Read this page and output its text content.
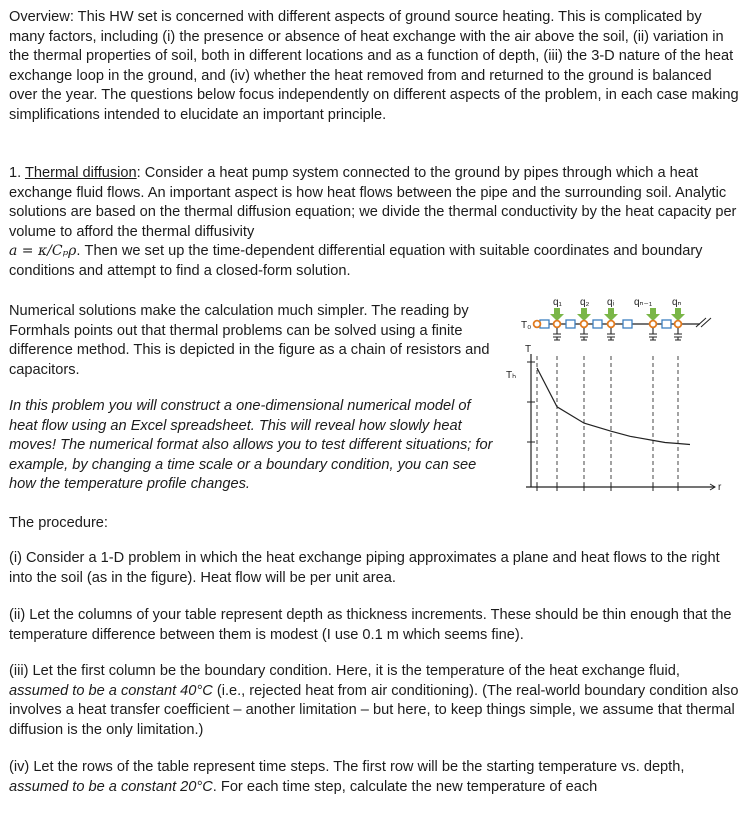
Overview: This HW set is concerned with different aspects of ground source heating. This is complicated by many factors, including (i) the presence or absence of heat exchange with the air above the soil, (ii) variation in the thermal properties of soil, both in different locations and as a function of depth, (iii) the 3-D nature of the heat exchange loop in the ground, and (iv) whether the heat removed from and returned to the ground is balanced over the year. The questions below focus independently on different aspects of the problem, in each case making simplifications intended to elucidate an important principle.

1. Thermal diffusion: Consider a heat pump system connected to the ground by pipes through which a heat exchange fluid flows. An important aspect is how heat flows between the pipe and the surrounding soil. Analytic solutions are based on the thermal diffusion equation; we divide the thermal conductivity by the heat capacity per volume to afford the thermal diffusivity
a = κ/Cₚρ. Then we set up the time-dependent differential equation with suitable coordinates and boundary conditions and attempt to find a closed-form solution.

Numerical solutions make the calculation much simpler. The reading by Formhals points out that thermal problems can be solved using a finite difference method. This is depicted in the figure as a chain of resistors and capacitors.

In this problem you will construct a one-dimensional numerical model of heat flow using an Excel spreadsheet. This will reveal how slowly heat moves! The numerical format also allows you to test different situations; for example, by changing a time scale or a boundary condition, you can see how the temperature profile changes.

The procedure:

(i) Consider a 1-D problem in which the heat exchange piping approximates a plane and heat flows to the right into the soil (as in the figure). Heat flow will be per unit area.

(ii) Let the columns of your table represent depth as thickness increments. These should be thin enough that the temperature difference between them is modest (I use 0.1 m which seems fine).

(iii) Let the first column be the boundary condition. Here, it is the temperature of the heat exchange fluid, assumed to be a constant 40°C (i.e., rejected heat from air conditioning). (The real-world boundary condition also involves a heat transfer coefficient – another limitation – but here, to keep things simple, we assume that thermal diffusion is the only limitation.)

(iv) Let the rows of the table represent time steps. The first row will be the starting temperature vs. depth, assumed to be a constant 20°C. For each time step, calculate the new temperature of each

q₁ q₂ qᵢ qₙ₋₁ qₙ
T₀
T
Tₕ
r
